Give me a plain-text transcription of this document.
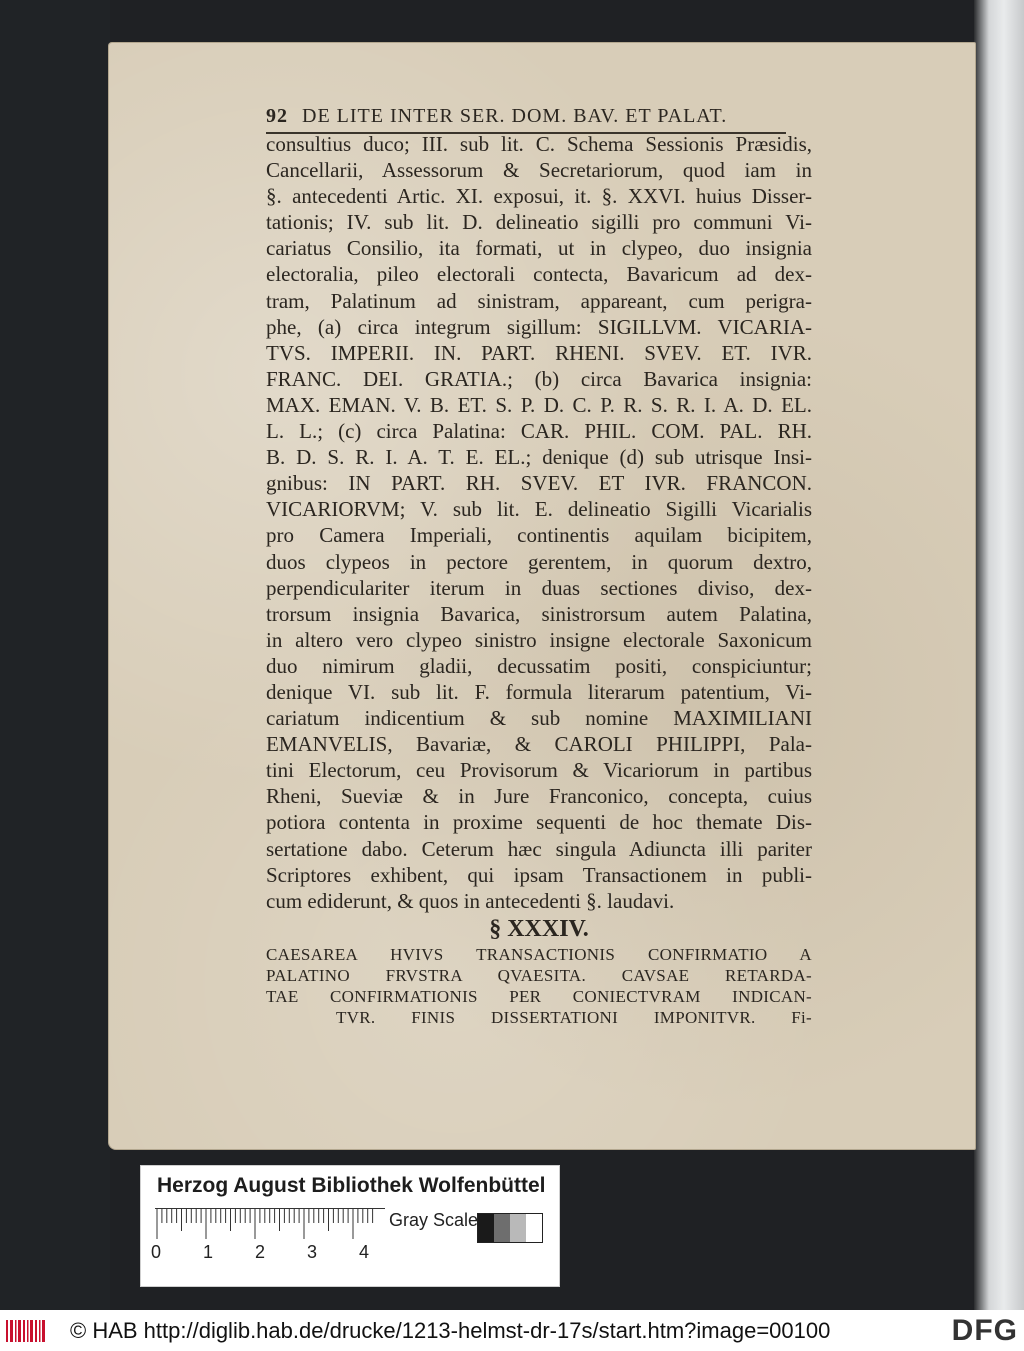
92 DE LITE INTER SER. DOM. BAV. ET PALAT.
consultius duco; III. sub lit. C. Schema Sessionis Præsidis,
Cancellarii, Assessorum & Secretariorum, quod iam in
§. antecedenti Artic. XI. exposui, it. §. XXVI. huius Disser-
tationis; IV. sub lit. D. delineatio sigilli pro communi Vi-
cariatus Consilio, ita formati, ut in clypeo, duo insignia
electoralia, pileo electorali contecta, Bavaricum ad dex-
tram, Palatinum ad sinistram, appareant, cum perigra-
phe, (a) circa integrum sigillum: SIGILLVM. VICARIA-
TVS. IMPERII. IN. PART. RHENI. SVEV. ET. IVR.
FRANC. DEI. GRATIA.; (b) circa Bavarica insignia:
MAX. EMAN. V. B. ET. S. P. D. C. P. R. S. R. I. A. D. EL.
L. L.; (c) circa Palatina: CAR. PHIL. COM. PAL. RH.
B. D. S. R. I. A. T. E. EL.; denique (d) sub utrisque Insi-
gnibus: IN PART. RH. SVEV. ET IVR. FRANCON.
VICARIORVM; V. sub lit. E. delineatio Sigilli Vicarialis
pro Camera Imperiali, continentis aquilam bicipitem,
duos clypeos in pectore gerentem, in quorum dextro,
perpendiculariter iterum in duas sectiones diviso, dex-
trorsum insignia Bavarica, sinistrorsum autem Palatina,
in altero vero clypeo sinistro insigne electorale Saxonicum
duo nimirum gladii, decussatim positi, conspiciuntur;
denique VI. sub lit. F. formula literarum patentium, Vi-
cariatum indicentium & sub nomine MAXIMILIANI
EMANVELIS, Bavariæ, & CAROLI PHILIPPI, Pala-
tini Electorum, ceu Provisorum & Vicariorum in partibus
Rheni, Sueviæ & in Jure Franconico, concepta, cuius
potiora contenta in proxime sequenti de hoc themate Dis-
sertatione dabo. Ceterum hæc singula Adiuncta illi pariter
Scriptores exhibent, qui ipsam Transactionem in publi-
cum ediderunt, & quos in antecedenti §. laudavi.
§ XXXIV.
CAESAREA HVIVS TRANSACTIONIS CONFIRMATIO A
PALATINO FRVSTRA QVAESITA. CAVSAE RETARDA-
TAE CONFIRMATIONIS PER CONIECTVRAM INDICAN-
TVR. FINIS DISSERTATIONI IMPONITVR. Fi-
Herzog August Bibliothek Wolfenbüttel
0 1 2 3 4
Gray Scale
© HAB http://diglib.hab.de/drucke/1213-helmst-dr-17s/start.htm?image=00100	DFG
